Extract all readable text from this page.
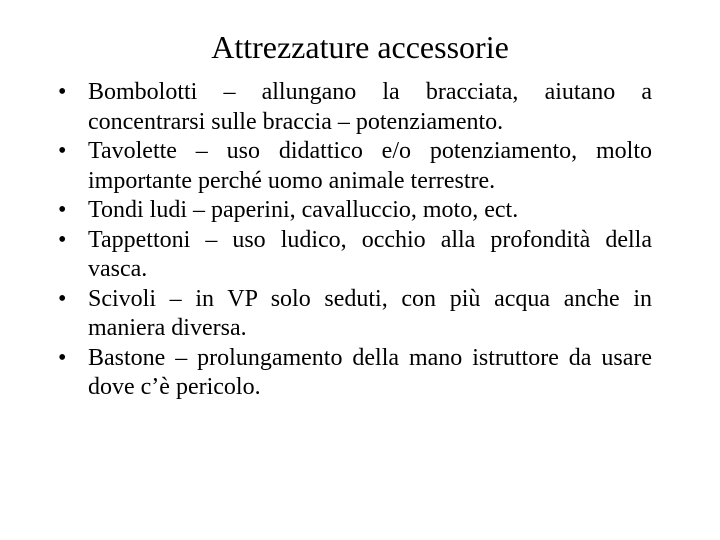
Attrezzature accessorie
• Bombolotti – allungano la bracciata, aiutano a concentrarsi sulle braccia – potenziamento.
• Tavolette – uso didattico e/o potenziamento, molto importante perché uomo animale terrestre.
• Tondi ludi – paperini, cavalluccio, moto, ect.
• Tappettoni – uso ludico, occhio alla profondità della vasca.
• Scivoli – in VP solo seduti, con più acqua anche in maniera diversa.
• Bastone – prolungamento della mano istruttore da usare dove c’è pericolo.
